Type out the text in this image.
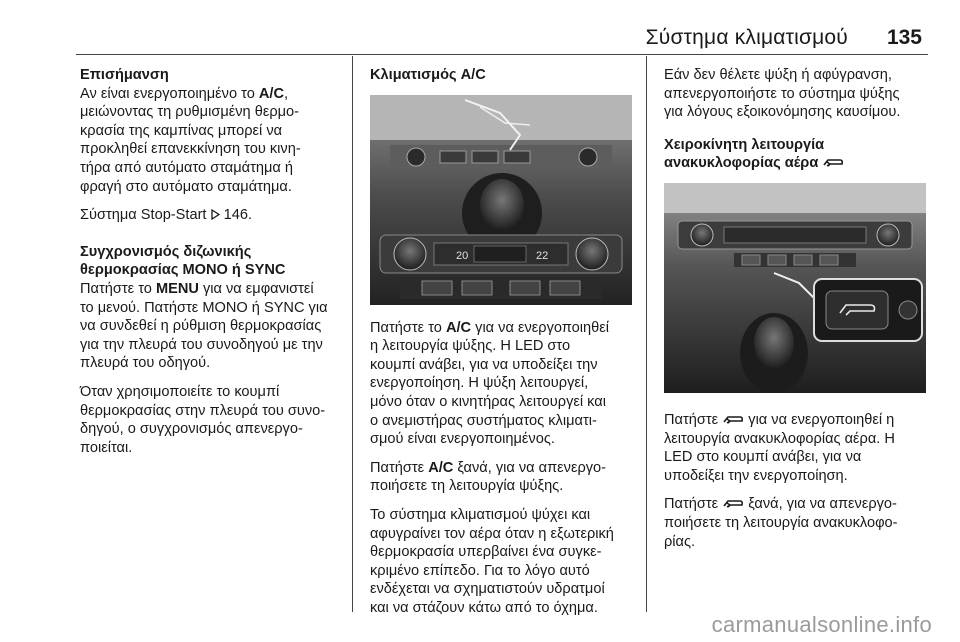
Σύστημα κλιματισμού 135
Επισήμανση
Αν είναι ενεργοποιημένο το A/C,
μειώνοντας τη ρυθμισμένη θερμο-
κρασία της καμπίνας μπορεί να
προκληθεί επανεκκίνηση του κινη-
τήρα από αυτόματο σταμάτημα ή
φραγή στο αυτόματο σταμάτημα.

Σύστημα Stop-Start 146.

Συγχρονισμός διζωνικής
θερμοκρασίας MONO ή SYNC

Πατήστε το MENU για να εμφανιστεί
το μενού. Πατήστε MONO ή SYNC για
να συνδεθεί η ρύθμιση θερμοκρασίας
για την πλευρά του συνοδηγού με την
πλευρά του οδηγού.

Όταν χρησιμοποιείτε το κουμπί
θερμοκρασίας στην πλευρά του συνο-
δηγού, ο συγχρονισμός απενεργο-
ποιείται.

Κλιματισμός A/C
20	22

Πατήστε το A/C για να ενεργοποιηθεί
η λειτουργία ψύξης. Η LED στο
κουμπί ανάβει, για να υποδείξει την
ενεργοποίηση. Η ψύξη λειτουργεί,
μόνο όταν ο κινητήρας λειτουργεί και
ο ανεμιστήρας συστήματος κλιματι-
σμού είναι ενεργοποιημένος.

Πατήστε A/C ξανά, για να απενεργο-
ποιήσετε τη λειτουργία ψύξης.

Το σύστημα κλιματισμού ψύχει και
αφυγραίνει τον αέρα όταν η εξωτερική
θερμοκρασία υπερβαίνει ένα συγκε-
κριμένο επίπεδο. Για το λόγο αυτό
ενδέχεται να σχηματιστούν υδρατμοί
και να στάζουν κάτω από το όχημα.

Εάν δεν θέλετε ψύξη ή αφύγρανση,
απενεργοποιήστε το σύστημα ψύξης
για λόγους εξοικονόμησης καυσίμου.

Χειροκίνητη λειτουργία
ανακυκλοφορίας αέρα

Πατήστε για να ενεργοποιηθεί η
λειτουργία ανακυκλοφορίας αέρα. Η
LED στο κουμπί ανάβει, για να
υποδείξει την ενεργοποίηση.

Πατήστε ξανά, για να απενεργο-
ποιήσετε τη λειτουργία ανακυκλοφο-
ρίας.

carmanualsonline.info
